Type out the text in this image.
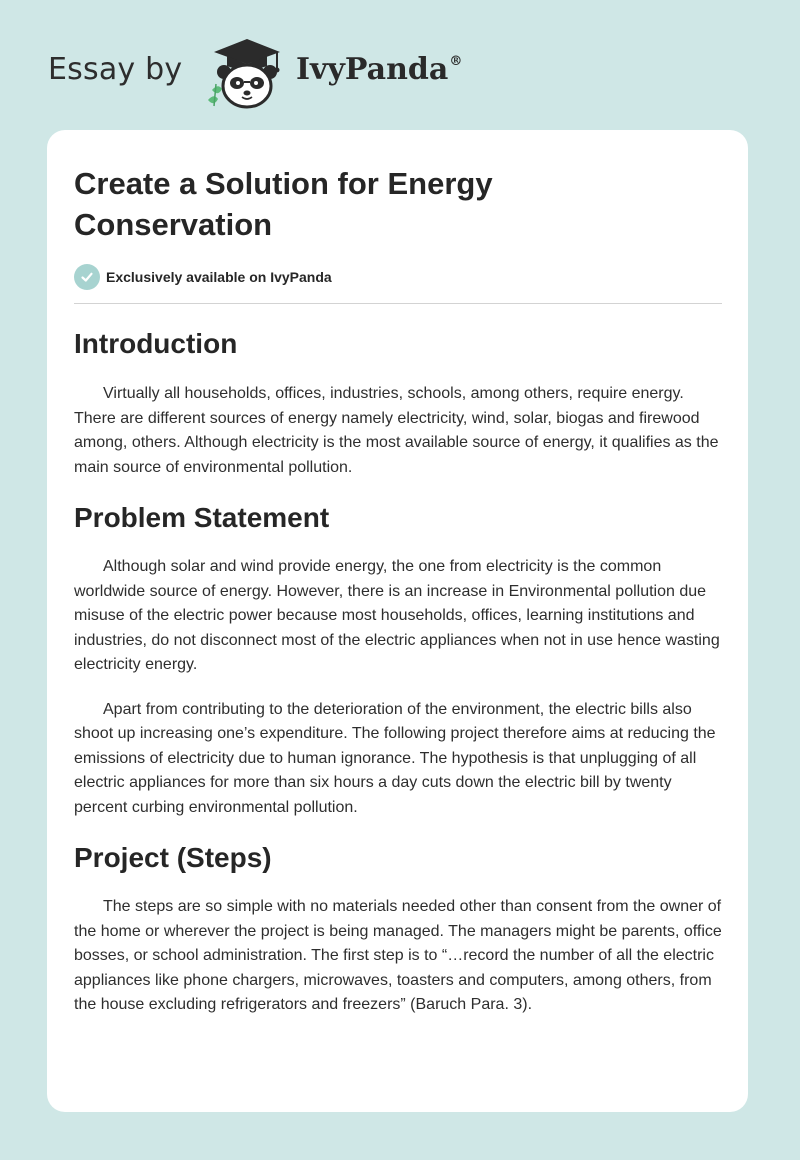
Essay by	IvyPanda®
Create a Solution for Energy Conservation
Exclusively available on IvyPanda
Introduction

Virtually all households, offices, industries, schools, among others, require energy. There are different sources of energy namely electricity, wind, solar, biogas and firewood among, others. Although electricity is the most available source of energy, it qualifies as the main source of environmental pollution.

Problem Statement

Although solar and wind provide energy, the one from electricity is the common worldwide source of energy. However, there is an increase in Environmental pollution due misuse of the electric power because most households, offices, learning institutions and industries, do not disconnect most of the electric appliances when not in use hence wasting electricity energy.

Apart from contributing to the deterioration of the environment, the electric bills also shoot up increasing one’s expenditure. The following project therefore aims at reducing the emissions of electricity due to human ignorance. The hypothesis is that unplugging of all electric appliances for more than six hours a day cuts down the electric bill by twenty percent curbing environmental pollution.

Project (Steps)

The steps are so simple with no materials needed other than consent from the owner of the home or wherever the project is being managed. The managers might be parents, office bosses, or school administration. The first step is to “…record the number of all the electric appliances like phone chargers, microwaves, toasters and computers, among others, from the house excluding refrigerators and freezers” (Baruch Para. 3).
